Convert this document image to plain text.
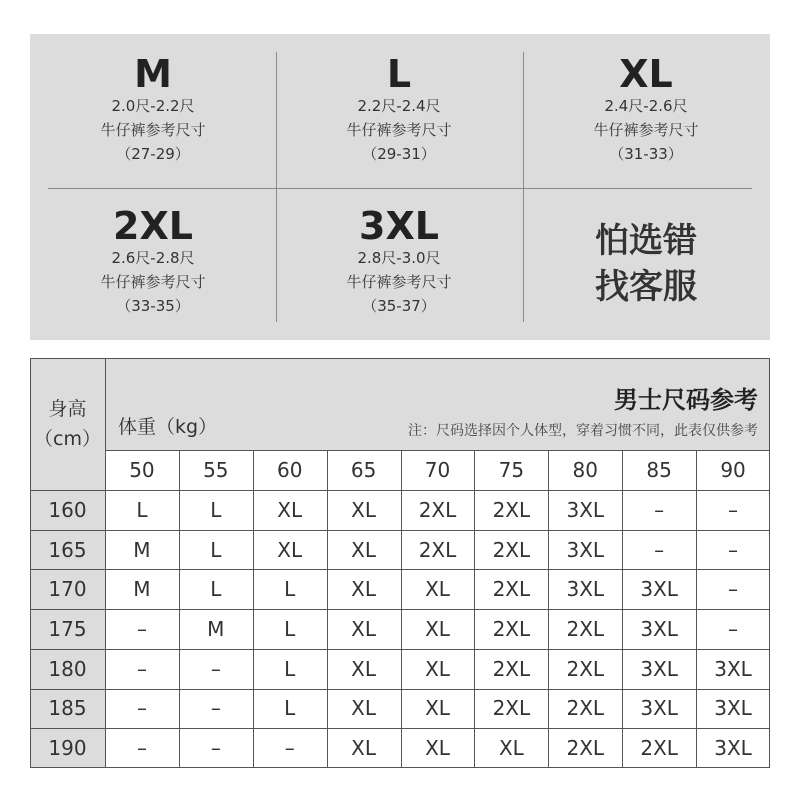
M
2.0尺-2.2尺
牛仔裤参考尺寸
（27-29）
L
2.2尺-2.4尺
牛仔裤参考尺寸
（29-31）
XL
2.4尺-2.6尺
牛仔裤参考尺寸
（31-33）
2XL
2.6尺-2.8尺
牛仔裤参考尺寸
（33-35）
3XL
2.8尺-3.0尺
牛仔裤参考尺寸
（35-37）
怕选错
找客服
男士尺码参考
注：尺码选择因个人体型，穿着习惯不同，此表仅供参考
体重（kg）
身高
（cm）
50	55	60	65	70	75	80	85	90
160	L	L	XL	XL	2XL	2XL	3XL	–	–
165	M	L	XL	XL	2XL	2XL	3XL	–	–
170	M	L	L	XL	XL	2XL	3XL	3XL	–
175	–	M	L	XL	XL	2XL	2XL	3XL	–
180	–	–	L	XL	XL	2XL	2XL	3XL	3XL
185	–	–	L	XL	XL	2XL	2XL	3XL	3XL
190	–	–	–	XL	XL	XL	2XL	2XL	3XL
